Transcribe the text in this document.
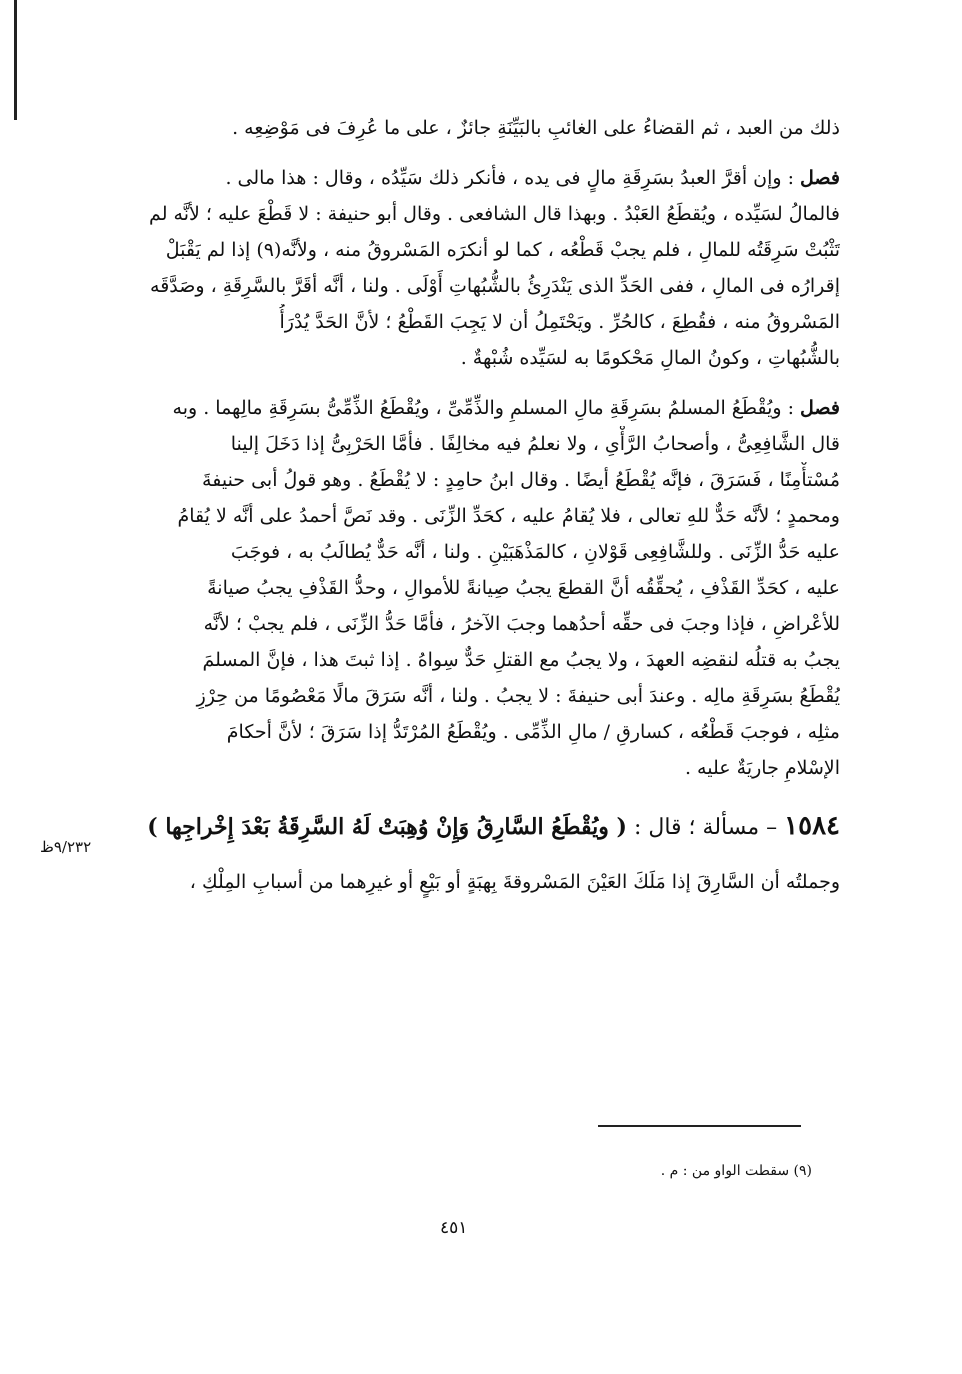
ذلك من العبد ، ثم القضاءُ على الغائبِ بالبَيِّنَةِ جائزٌ ، على ما عُرِفَ فى مَوْضِعِه .
فصل : وإن أقرَّ العبدُ بسَرِقَةِ مالٍ فى يده ، فأنكر ذلك سَيِّدُه ، وقال : هذا مالى .
فالمالُ لسَيِّده ، ويُقطَعُ العَبْدُ . وبهذا قال الشافعى . وقال أبو حنيفة : لا قَطْعَ عليه ؛ لأنَّه لم
تَثْبُتْ سَرِقَتُه للمالِ ، فلم يجبْ قَطْعُه ، كما لو أنكرَه المَسْروقُ منه ، ولأنَّه(٩) إذا لم يَقْبَلْ
إقرارُه فى المالِ ، ففى الحَدِّ الذى يَنْدَرِئُ بالشُّبُهاتِ أَوْلَى . ولنا ، أنَّه أقَرَّ بالسَّرِقَةِ ، وصَدَّقَه
المَسْروقُ منه ، فقُطِعَ ، كالحُرِّ . ويَحْتَمِلُ أن لا يَجِبَ القَطْعُ ؛ لأنَّ الحَدَّ يُدْرَأُ
بالشُّبُهاتِ ، وكونُ المالِ مَحْكومًا به لسَيِّده شُبْهةٌ .
فصل : ويُقْطَعُ المسلمُ بسَرِقَةِ مالِ المسلمِ والذِّمِّىِّ ، ويُقْطَعُ الذِّمِّىُّ بسَرِقَةِ مالِهما . وبه
قال الشَّافِعِىُّ ، وأصحابُ الرَّأْىِ ، ولا نعلمُ فيه مخالِفًا . فأمَّا الحَرْبِىُّ إذا دَخَلَ إلينا
مُسْتأْمِنًا ، فَسَرَقَ ، فإنَّه يُقْطَعُ أيضًا . وقال ابنُ حامِدٍ : لا يُقْطَعُ . وهو قولُ أبى حنيفةَ
ومحمدٍ ؛ لأنَّه حَدٌّ للهِ تعالى ، فلا يُقامُ عليه ، كحَدِّ الزِّنَى . وقد نَصَّ أحمدُ على أنَّه لا يُقامُ
عليه حَدُّ الزِّنَى . وللشَّافِعِى قَوْلانِ ، كالمَذْهَبَيْنِ . ولنا ، أنَّه حَدٌّ يُطالَبُ به ، فوجَبَ
عليه ، كحَدِّ القَذْفِ ، يُحقِّقُه أنَّ القطعَ يجبُ صِيانةً للأموالِ ، وحدُّ القَذْفِ يجبُ صيانةً
للأعْراضِ ، فإذا وجبَ فى حقِّه أحدُهما وجبَ الآخرُ ، فأمَّا حَدُّ الزِّنَى ، فلم يجبْ ؛ لأنَّه
يجبُ به قتلُه لنقضِه العهدَ ، ولا يجبُ مع القتلِ حَدٌّ سِواهُ . إذا ثبتَ هذا ، فإنَّ المسلمَ
يُقْطَعُ بسَرِقَةِ مالِه . وعندَ أبى حنيفةَ : لا يجبُ . ولنا ، أنَّه سَرَقَ مالًا مَعْصُومًا من حِرْزِ
مثلِه ، فوجبَ قَطْعُه ، كسارقِ / مالِ الذِّمِّى . ويُقْطَعُ المُرْتَدُّ إذا سَرَقَ ؛ لأنَّ أحكامَ
الإسْلامِ جاريَةٌ عليه .
١٥٨٤ – مسألة ؛ قال : ( ويُقْطَعُ السَّارِقُ وَإِنْ وُهِبَتْ لَهُ السَّرِقَةُ بَعْدَ إِخْراجِها )
وجملتُه أن السَّارِقَ إذا مَلَكَ العَيْنَ المَسْروقةَ بِهبَةٍ أو بَيْعٍ أو غيرِهما من أسبابِ المِلْكِ ،
٩/٢٣٢ظ
(٩) سقطت الواو من : م .
٤٥١
